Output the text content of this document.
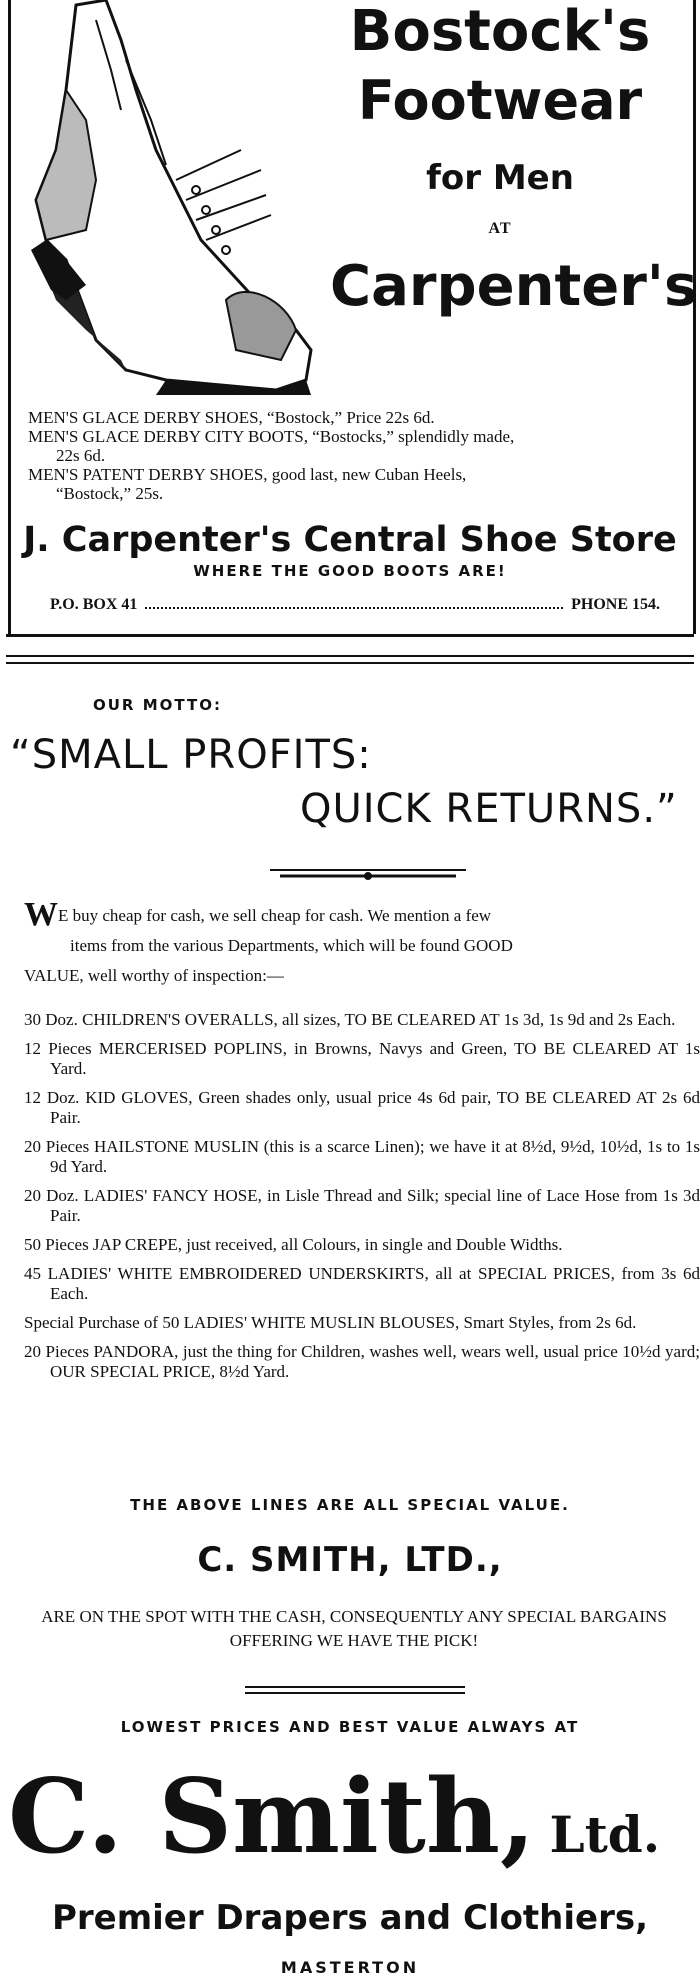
Bostock's
Footwear
for Men
AT
Carpenter's
MEN'S GLACE DERBY SHOES, “Bostock,” Price 22s 6d.
MEN'S GLACE DERBY CITY BOOTS, “Bostocks,” splendidly made,
22s 6d.
MEN'S PATENT DERBY SHOES, good last, new Cuban Heels,
“Bostock,” 25s.
J. Carpenter's Central Shoe Store
WHERE THE GOOD BOOTS ARE!
P.O. BOX 41	PHONE 154.
OUR MOTTO:
“SMALL PROFITS:
QUICK RETURNS.”
WE buy cheap for cash, we sell cheap for cash. We mention a few
items from the various Departments, which will be found GOOD
VALUE, well worthy of inspection:—
30 Doz. CHILDREN'S OVERALLS, all sizes, TO BE CLEARED AT 1s 3d, 1s 9d and 2s Each.
12 Pieces MERCERISED POPLINS, in Browns, Navys and Green, TO BE CLEARED AT 1s Yard.
12 Doz. KID GLOVES, Green shades only, usual price 4s 6d pair, TO BE CLEARED AT 2s 6d Pair.
20 Pieces HAILSTONE MUSLIN (this is a scarce Linen); we have it at 8½d, 9½d, 10½d, 1s to 1s 9d Yard.
20 Doz. LADIES' FANCY HOSE, in Lisle Thread and Silk; special line of Lace Hose from 1s 3d Pair.
50 Pieces JAP CREPE, just received, all Colours, in single and Double Widths.
45 LADIES' WHITE EMBROIDERED UNDERSKIRTS, all at SPECIAL PRICES, from 3s 6d Each.
Special Purchase of 50 LADIES' WHITE MUSLIN BLOUSES, Smart Styles, from 2s 6d.
20 Pieces PANDORA, just the thing for Children, washes well, wears well, usual price 10½d yard; OUR SPECIAL PRICE, 8½d Yard.
THE ABOVE LINES ARE ALL SPECIAL VALUE.
C. SMITH, LTD.,
ARE ON THE SPOT WITH THE CASH, CONSEQUENTLY ANY SPECIAL BARGAINS OFFERING WE HAVE THE PICK!
LOWEST PRICES AND BEST VALUE ALWAYS AT
C. Smith, Ltd.
Premier Drapers and Clothiers,
MASTERTON
